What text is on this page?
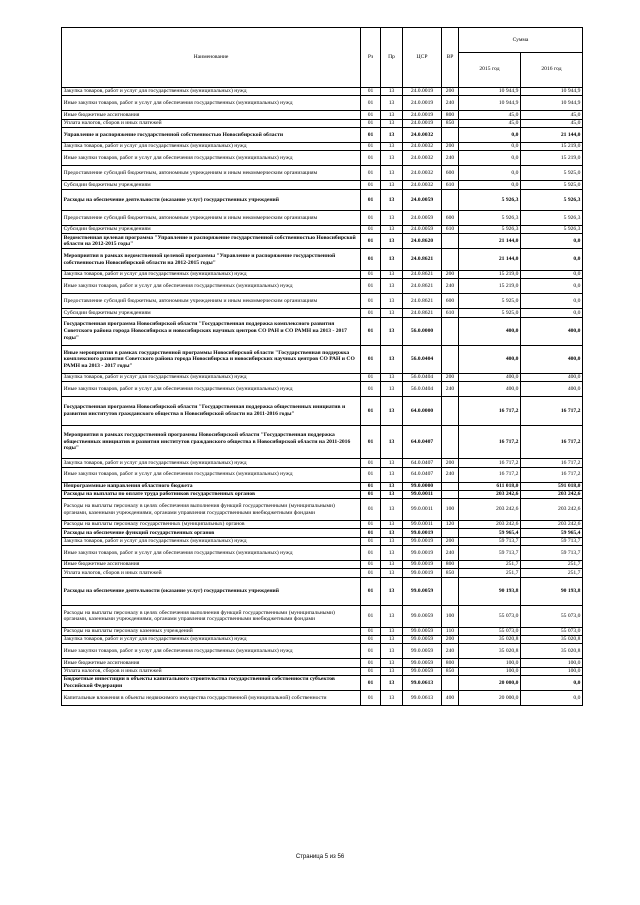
Наименование	Рз	Пр	ЦСР	ВР	Сумма	
					2015 год	2016 год
Закупка товаров, работ и услуг для государственных (муниципальных) нужд	01	13	24.0.0019	200	10 944,9	10 944,9
Иные закупки товаров, работ и услуг для обеспечения государственных (муниципальных) нужд	01	13	24.0.0019	240	10 944,9	10 944,9
Иные бюджетные ассигнования	01	13	24.0.0019	800	45,0	45,0
Уплата налогов, сборов и иных платежей	01	13	24.0.0019	850	45,0	45,0
Управление и распоряжение государственной собственностью Новосибирской области	01	13	24.0.0032		0,0	21 144,0
Закупка товаров, работ и услуг для государственных (муниципальных) нужд	01	13	24.0.0032	200	0,0	15 219,0
Иные закупки товаров, работ и услуг для обеспечения государственных (муниципальных) нужд	01	13	24.0.0032	240	0,0	15 219,0
Предоставление субсидий бюджетным, автономным учреждениям и иным некоммерческим организациям	01	13	24.0.0032	600	0,0	5 925,0
Субсидии бюджетным учреждениям	01	13	24.0.0032	610	0,0	5 925,0
Расходы на обеспечение деятельности (оказание услуг) государственных учреждений	01	13	24.0.0059		5 926,3	5 926,3
Предоставление субсидий бюджетным, автономным учреждениям и иным некоммерческим организациям	01	13	24.0.0059	600	5 926,3	5 926,3
Субсидии бюджетным учреждениям	01	13	24.0.0059	610	5 926,3	5 926,3
Ведомственная целевая программа "Управление и распоряжение государственной собственностью Новосибирской области на 2012-2015 годы"	01	13	24.0.8620		21 144,0	0,0
Мероприятия в рамках ведомственной целевой программы "Управление и распоряжение государственной собственностью Новосибирской области на 2012-2015 годы"	01	13	24.0.8621		21 144,0	0,0
Закупка товаров, работ и услуг для государственных (муниципальных) нужд	01	13	24.0.8621	200	15 219,0	0,0
Иные закупки товаров, работ и услуг для обеспечения государственных (муниципальных) нужд	01	13	24.0.8621	240	15 219,0	0,0
Предоставление субсидий бюджетным, автономным учреждениям и иным некоммерческим организациям	01	13	24.0.8621	600	5 925,0	0,0
Субсидии бюджетным учреждениям	01	13	24.0.8621	610	5 925,0	0,0
Государственная программа Новосибирской области "Государственная поддержка комплексного развития Советского района города Новосибирска и новосибирских научных центров СО РАН и СО РАМН на 2013 - 2017 годы"	01	13	56.0.0000		400,0	400,0
Иные мероприятия в рамках государственной программы Новосибирской области "Государственная поддержка комплексного развития Советского района города Новосибирска и новосибирских научных центров СО РАН и СО РАМН на 2013 - 2017 годы"	01	13	56.0.0404		400,0	400,0
Закупка товаров, работ и услуг для государственных (муниципальных) нужд	01	13	56.0.0404	200	400,0	400,0
Иные закупки товаров, работ и услуг для обеспечения государственных (муниципальных) нужд	01	13	56.0.0404	240	400,0	400,0
Государственная программа Новосибирской области "Государственная поддержка общественных инициатив и развития институтов гражданского общества в Новосибирской области на 2011-2016 годы"	01	13	64.0.0000		16 717,2	16 717,2
Мероприятия в рамках государственной программы Новосибирской области "Государственная поддержка общественных инициатив и развития институтов гражданского общества в Новосибирской области на 2011-2016 годы"	01	13	64.0.0407		16 717,2	16 717,2
Закупка товаров, работ и услуг для государственных (муниципальных) нужд	01	13	64.0.0407	200	16 717,2	16 717,2
Иные закупки товаров, работ и услуг для обеспечения государственных (муниципальных) нужд	01	13	64.0.0407	240	16 717,2	16 717,2
Непрограммные направления областного бюджета	01	13	99.0.0000		611 018,0	591 018,0
Расходы на выплаты по оплате труда работников государственных органов	01	13	99.0.0011		203 242,6	203 242,6
Расходы на выплаты персоналу в целях обеспечения выполнения функций государственными (муниципальными) органами, казенными учреждениями, органами управления государственными внебюджетными фондами	01	13	99.0.0011	100	203 242,6	203 242,6
Расходы на выплаты персоналу государственных (муниципальных) органов	01	13	99.0.0011	120	203 242,6	203 242,6
Расходы на обеспечение функций государственных органов	01	13	99.0.0019		59 965,4	59 965,4
Закупка товаров, работ и услуг для государственных (муниципальных) нужд	01	13	99.0.0019	200	59 713,7	59 713,7
Иные закупки товаров, работ и услуг для обеспечения государственных (муниципальных) нужд	01	13	99.0.0019	240	59 713,7	59 713,7
Иные бюджетные ассигнования	01	13	99.0.0019	800	251,7	251,7
Уплата налогов, сборов и иных платежей	01	13	99.0.0019	850	251,7	251,7
Расходы на обеспечение деятельности (оказание услуг) государственных учреждений	01	13	99.0.0059		90 193,8	90 193,8
Расходы на выплаты персоналу в целях обеспечения выполнения функций государственными (муниципальными) органами, казенными учреждениями, органами управления государственными внебюджетными фондами	01	13	99.0.0059	100	55 073,0	55 073,0
Расходы на выплаты персоналу казенных учреждений	01	13	99.0.0059	110	55 073,0	55 073,0
Закупка товаров, работ и услуг для государственных (муниципальных) нужд	01	13	99.0.0059	200	35 020,8	35 020,8
Иные закупки товаров, работ и услуг для обеспечения государственных (муниципальных) нужд	01	13	99.0.0059	240	35 020,8	35 020,8
Иные бюджетные ассигнования	01	13	99.0.0059	800	100,0	100,0
Уплата налогов, сборов и иных платежей	01	13	99.0.0059	850	100,0	100,0
Бюджетные инвестиции в объекты капитального строительства государственной собственности субъектов Российской Федерации	01	13	99.0.0613		20 000,0	0,0
Капитальные вложения в объекты недвижимого имущества государственной (муниципальной) собственности	01	13	99.0.0613	400	20 000,0	0,0
Страница 5 из 56
